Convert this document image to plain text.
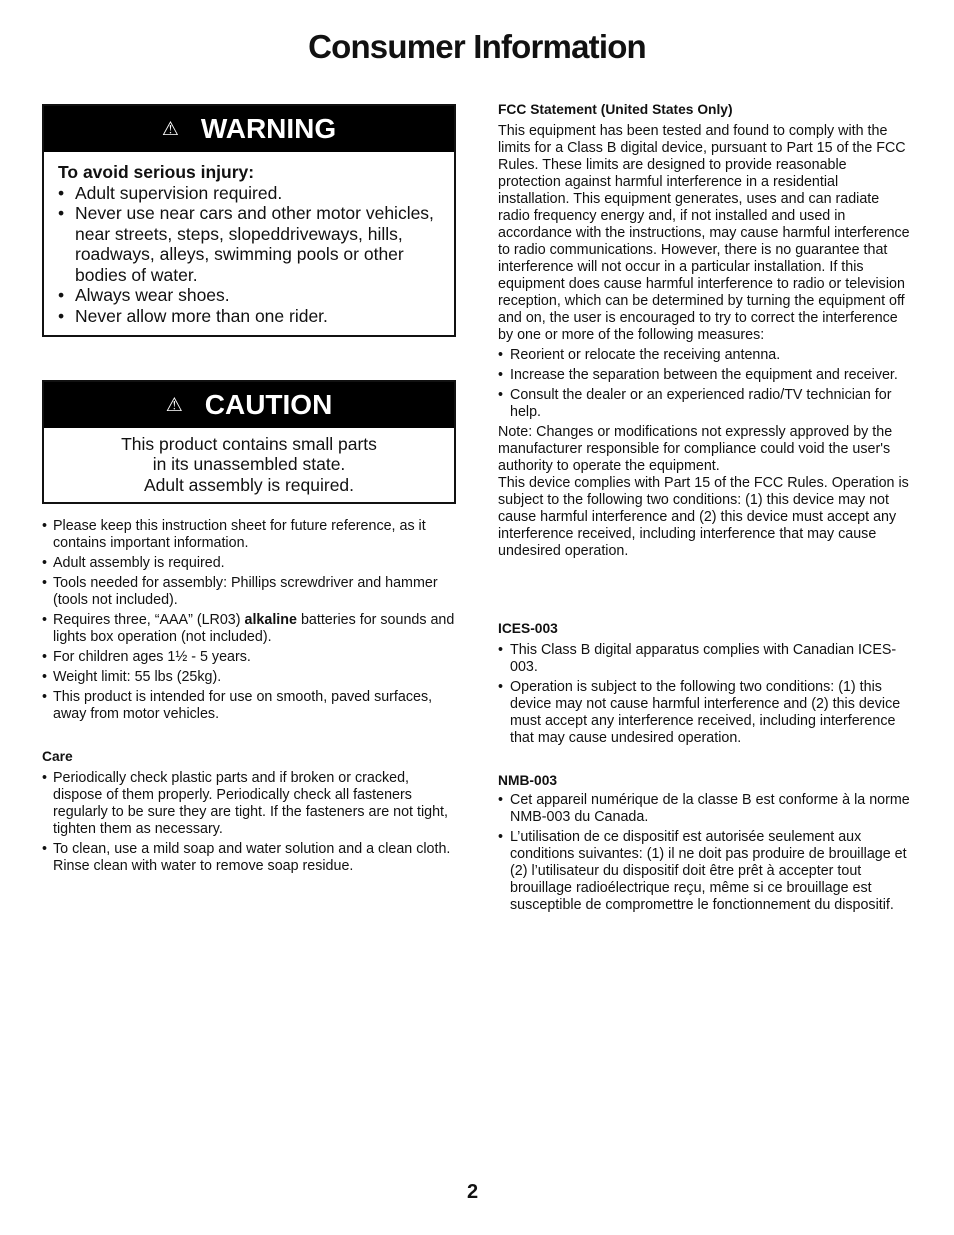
Consumer Information
⚠ WARNING
To avoid serious injury:
• Adult supervision required.
• Never use near cars and other motor vehicles, near streets, steps, slopeddriveways, hills, roadways, alleys, swimming pools or other bodies of water.
• Always wear shoes.
• Never allow more than one rider.
⚠ CAUTION
This product contains small parts
in its unassembled state.
Adult assembly is required.
• Please keep this instruction sheet for future reference, as it contains important information.
• Adult assembly is required.
• Tools needed for assembly: Phillips screwdriver and hammer (tools not included).
• Requires three, “AAA” (LR03) alkaline batteries for sounds and lights box operation (not included).
• For children ages 1½ - 5 years.
• Weight limit: 55 lbs (25kg).
• This product is intended for use on smooth, paved surfaces, away from motor vehicles.
Care
• Periodically check plastic parts and if broken or cracked, dispose of them properly. Periodically check all fasteners regularly to be sure they are tight. If the fasteners are not tight, tighten them as necessary.
• To clean, use a mild soap and water solution and a clean cloth. Rinse clean with water to remove soap residue.
FCC Statement (United States Only)

This equipment has been tested and found to comply with the limits for a Class B digital device, pursuant to Part 15 of the FCC Rules. These limits are designed to provide reasonable protection against harmful interference in a residential installation. This equipment generates, uses and can radiate radio frequency energy and, if not installed and used in accordance with the instructions, may cause harmful interference to radio communications. However, there is no guarantee that interference will not occur in a particular installation. If this equipment does cause harmful interference to radio or television reception, which can be determined by turning the equipment off and on, the user is encouraged to try to correct the interference by one or more of the following measures:

• Reorient or relocate the receiving antenna.
• Increase the separation between the equipment and receiver.
• Consult the dealer or an experienced radio/TV technician for help.

Note: Changes or modifications not expressly approved by the manufacturer responsible for compliance could void the user's authority to operate the equipment.

This device complies with Part 15 of the FCC Rules. Operation is subject to the following two conditions: (1) this device may not cause harmful interference and (2) this device must accept any interference received, including interference that may cause undesired operation.

ICES-003
• This Class B digital apparatus complies with Canadian ICES-003.
• Operation is subject to the following two conditions: (1) this device may not cause harmful interference and (2) this device must accept any interference received, including interference that may cause undesired operation.
NMB-003
• Cet appareil numérique de la classe B est conforme à la norme NMB-003 du Canada.
• L’utilisation de ce dispositif est autorisée seulement aux conditions suivantes: (1) il ne doit pas produire de brouillage et (2) l’utilisateur du dispositif doit être prêt à accepter tout brouillage radioélectrique reçu, même si ce brouillage est susceptible de compromettre le fonctionnement du dispositif.
2
